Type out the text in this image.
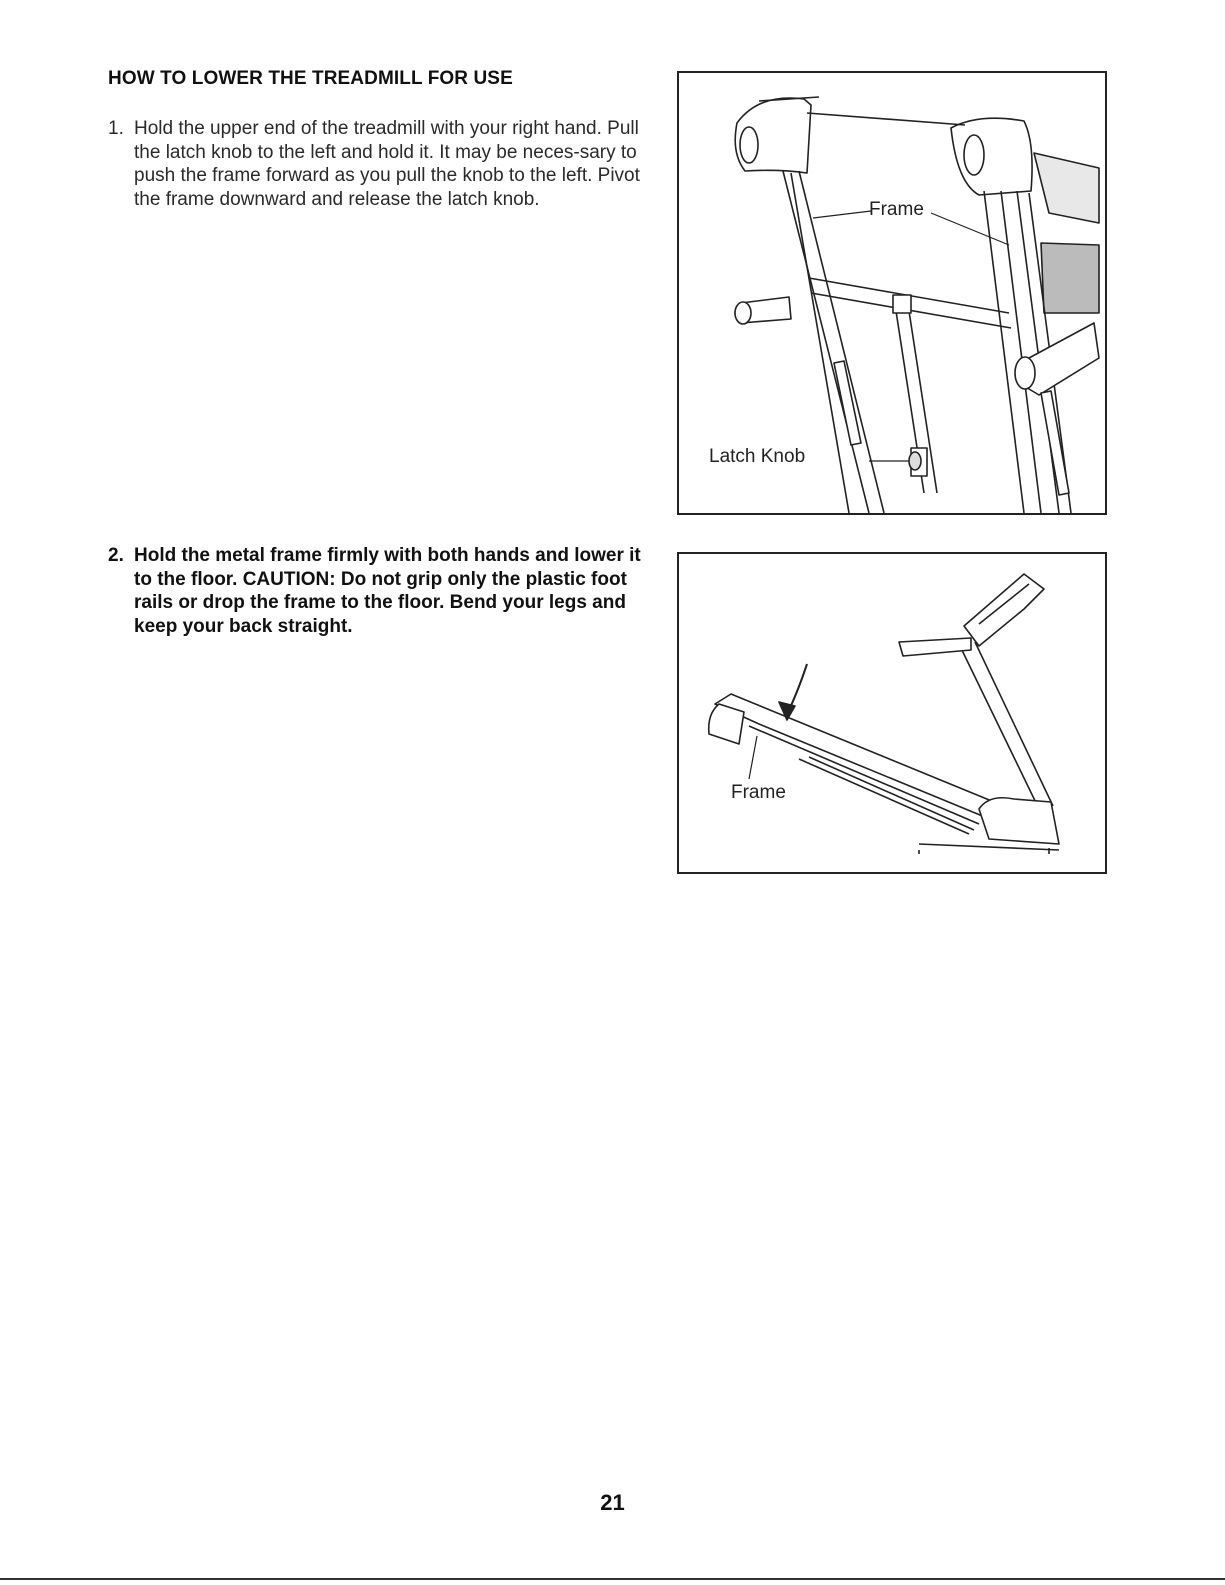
HOW TO LOWER THE TREADMILL FOR USE
1. Hold the upper end of the treadmill with your right hand. Pull the latch knob to the left and hold it. It may be neces-sary to push the frame forward as you pull the knob to the left. Pivot the frame downward and release the latch knob.
2. Hold the metal frame firmly with both hands and lower it to the floor. CAUTION: Do not grip only the plastic foot rails or drop the frame to the floor. Bend your legs and keep your back straight.
Frame
Latch Knob
Frame
21
